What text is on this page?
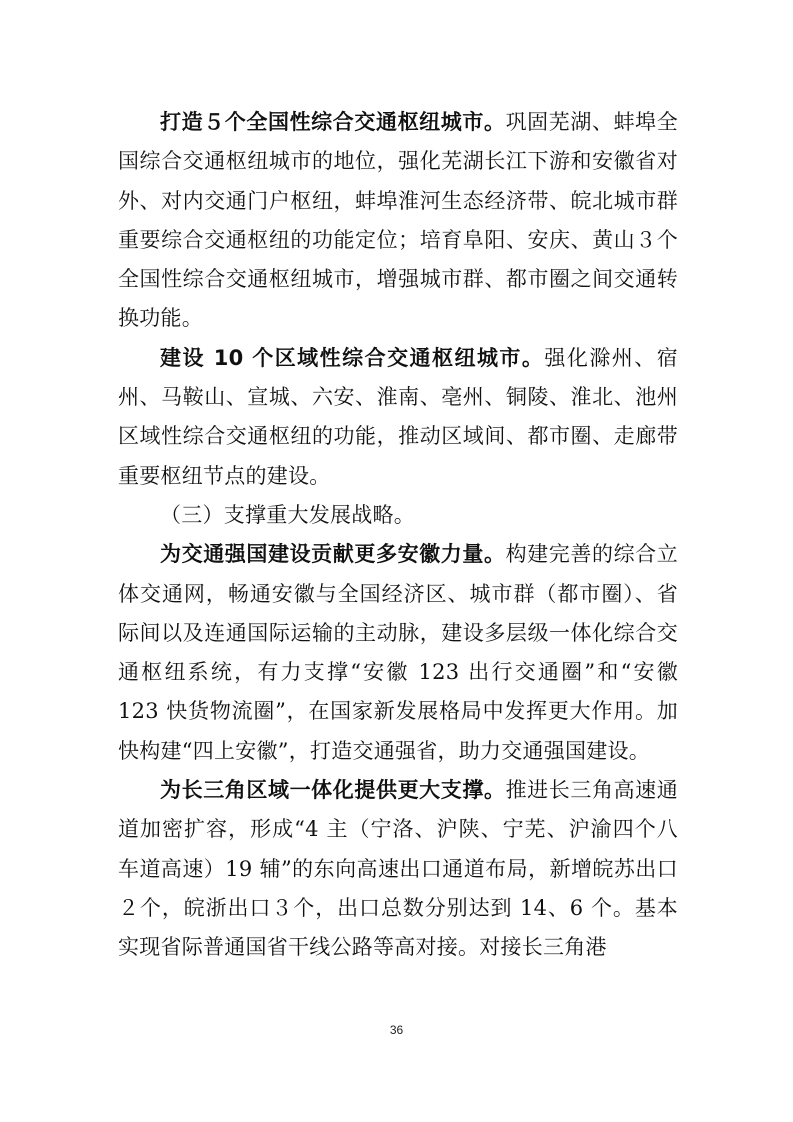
打造５个全国性综合交通枢纽城市。巩固芜湖、蚌埠全国综合交通枢纽城市的地位，强化芜湖长江下游和安徽省对外、对内交通门户枢纽，蚌埠淮河生态经济带、皖北城市群重要综合交通枢纽的功能定位；培育阜阳、安庆、黄山３个全国性综合交通枢纽城市，增强城市群、都市圈之间交通转换功能。

建设 10 个区域性综合交通枢纽城市。强化滁州、宿州、马鞍山、宣城、六安、淮南、亳州、铜陵、淮北、池州区域性综合交通枢纽的功能，推动区域间、都市圈、走廊带重要枢纽节点的建设。

（三）支撑重大发展战略。

为交通强国建设贡献更多安徽力量。构建完善的综合立体交通网，畅通安徽与全国经济区、城市群（都市圈）、省际间以及连通国际运输的主动脉，建设多层级一体化综合交通枢纽系统，有力支撑“安徽 123 出行交通圈”和“安徽 123 快货物流圈”，在国家新发展格局中发挥更大作用。加快构建“四上安徽”，打造交通强省，助力交通强国建设。

为长三角区域一体化提供更大支撑。推进长三角高速通道加密扩容，形成“4 主（宁洛、沪陕、宁芜、沪渝四个八车道高速）19 辅”的东向高速出口通道布局，新增皖苏出口２个，皖浙出口３个，出口总数分别达到 14、6 个。基本实现省际普通国省干线公路等高对接。对接长三角港

36
